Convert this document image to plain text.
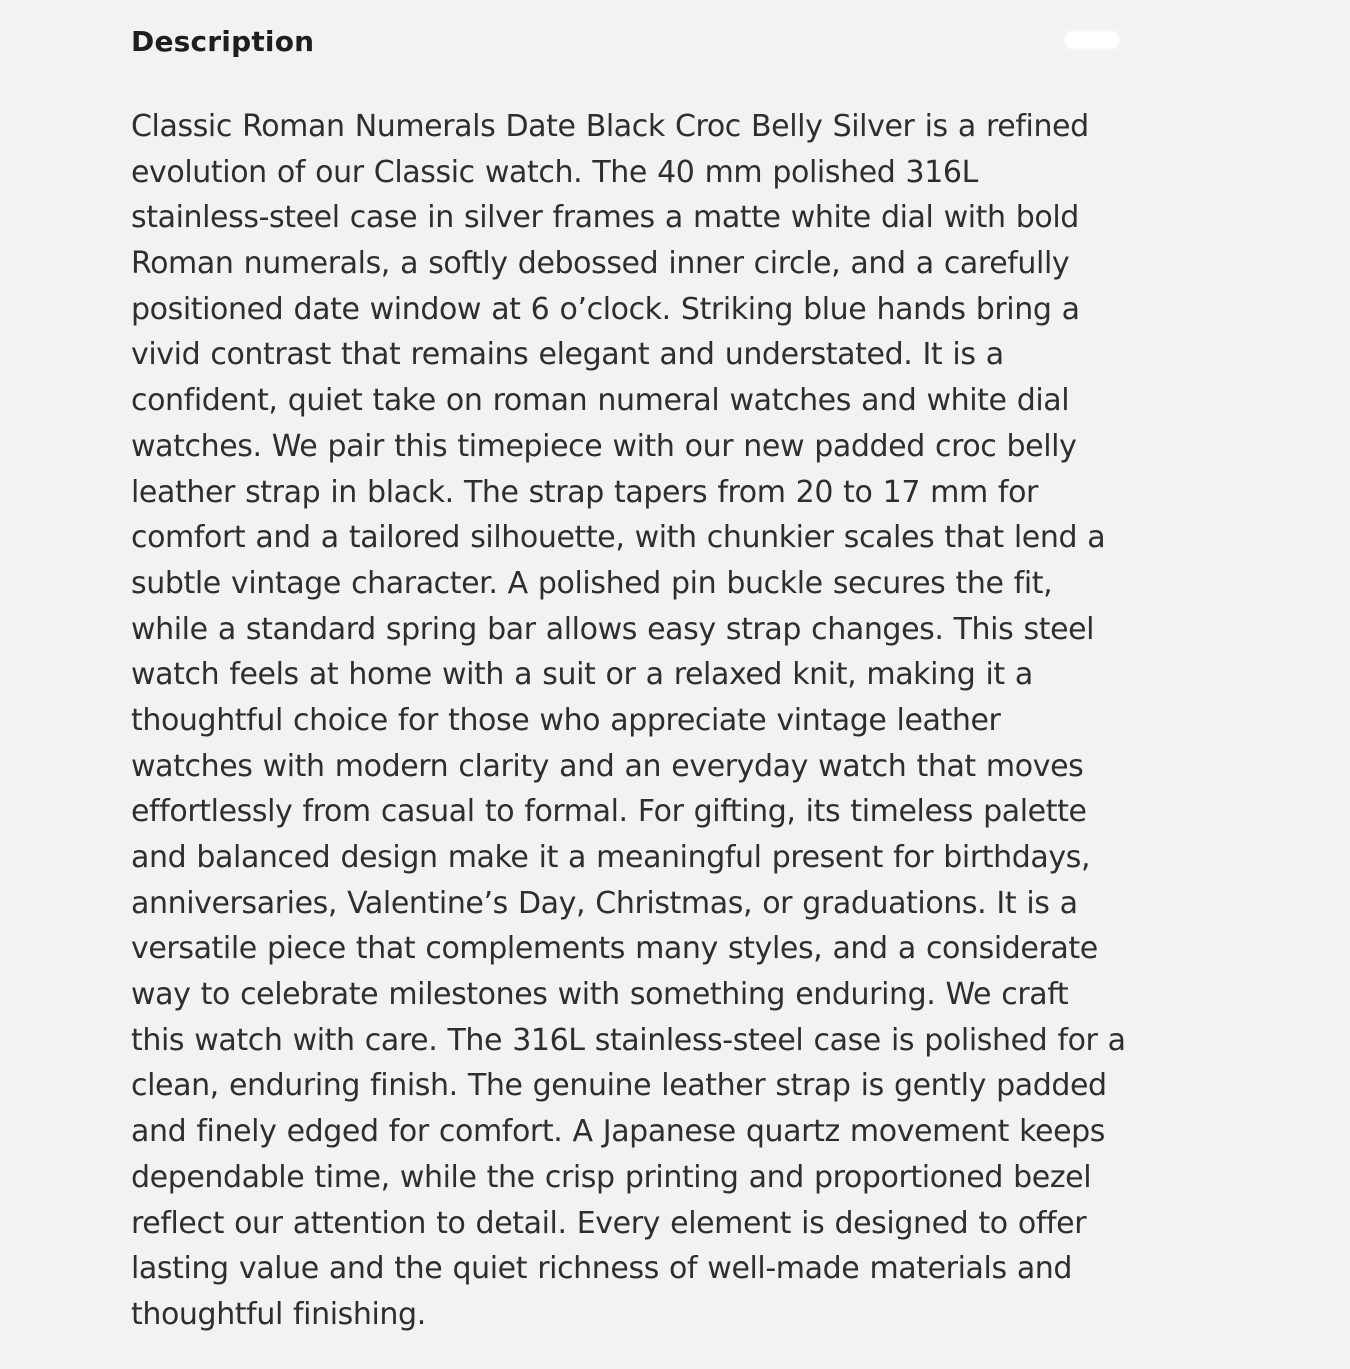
Description

Classic Roman Numerals Date Black Croc Belly Silver is a refined
evolution of our Classic watch. The 40 mm polished 316L
stainless-steel case in silver frames a matte white dial with bold
Roman numerals, a softly debossed inner circle, and a carefully
positioned date window at 6 o’clock. Striking blue hands bring a
vivid contrast that remains elegant and understated. It is a
confident, quiet take on roman numeral watches and white dial
watches. We pair this timepiece with our new padded croc belly
leather strap in black. The strap tapers from 20 to 17 mm for
comfort and a tailored silhouette, with chunkier scales that lend a
subtle vintage character. A polished pin buckle secures the fit,
while a standard spring bar allows easy strap changes. This steel
watch feels at home with a suit or a relaxed knit, making it a
thoughtful choice for those who appreciate vintage leather
watches with modern clarity and an everyday watch that moves
effortlessly from casual to formal. For gifting, its timeless palette
and balanced design make it a meaningful present for birthdays,
anniversaries, Valentine’s Day, Christmas, or graduations. It is a
versatile piece that complements many styles, and a considerate
way to celebrate milestones with something enduring. We craft
this watch with care. The 316L stainless-steel case is polished for a
clean, enduring finish. The genuine leather strap is gently padded
and finely edged for comfort. A Japanese quartz movement keeps
dependable time, while the crisp printing and proportioned bezel
reflect our attention to detail. Every element is designed to offer
lasting value and the quiet richness of well-made materials and
thoughtful finishing.
